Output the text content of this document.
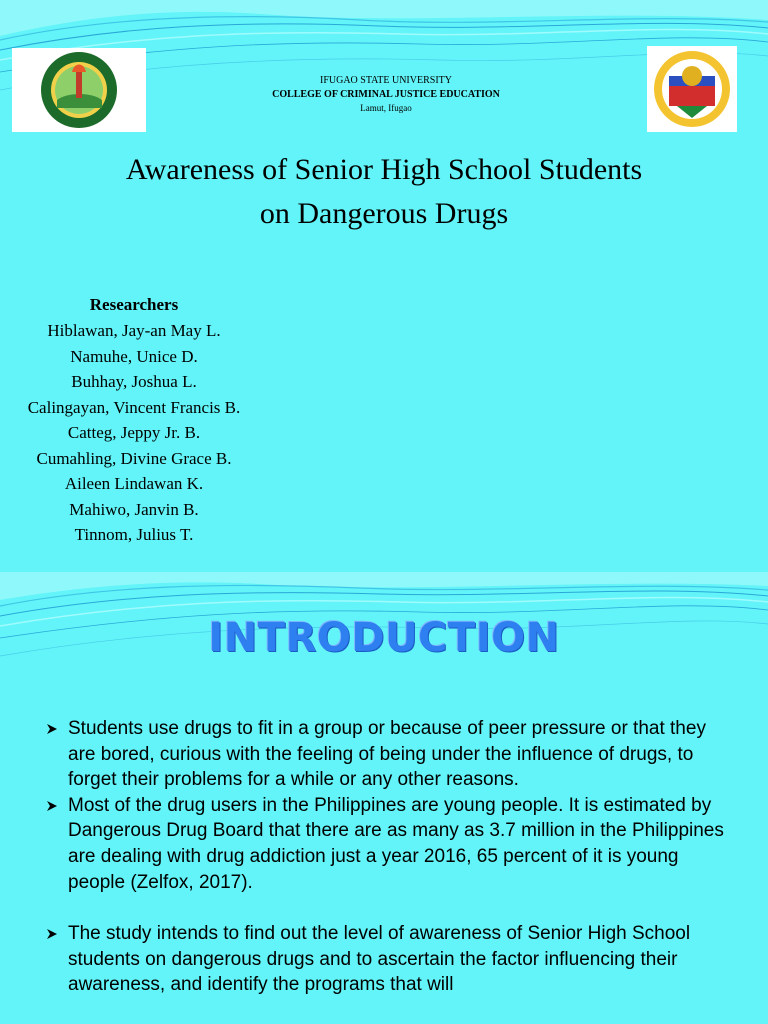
IFUGAO STATE UNIVERSITY
COLLEGE OF CRIMINAL JUSTICE EDUCATION
Lamut, Ifugao
Awareness of Senior High School Students
on Dangerous Drugs
Researchers
Hiblawan, Jay-an May L.
Namuhe, Unice D.
Buhhay, Joshua L.
Calingayan, Vincent Francis B.
Catteg, Jeppy Jr. B.
Cumahling, Divine Grace B.
Aileen Lindawan K.
Mahiwo, Janvin B.
Tinnom, Julius T.
INTRODUCTION
Students use drugs to fit in a group or because of peer pressure or that they are bored, curious with the feeling of being under the influence of drugs, to forget their problems for a while or any other reasons.
Most of the drug users in the Philippines are young people. It is estimated by Dangerous Drug Board that there are as many as 3.7 million in the Philippines are dealing with drug addiction just a year 2016, 65 percent of it is young people (Zelfox, 2017).
The study intends to find out the level of awareness of Senior High School students on dangerous drugs and to ascertain the factor influencing their awareness, and identify the programs that will
